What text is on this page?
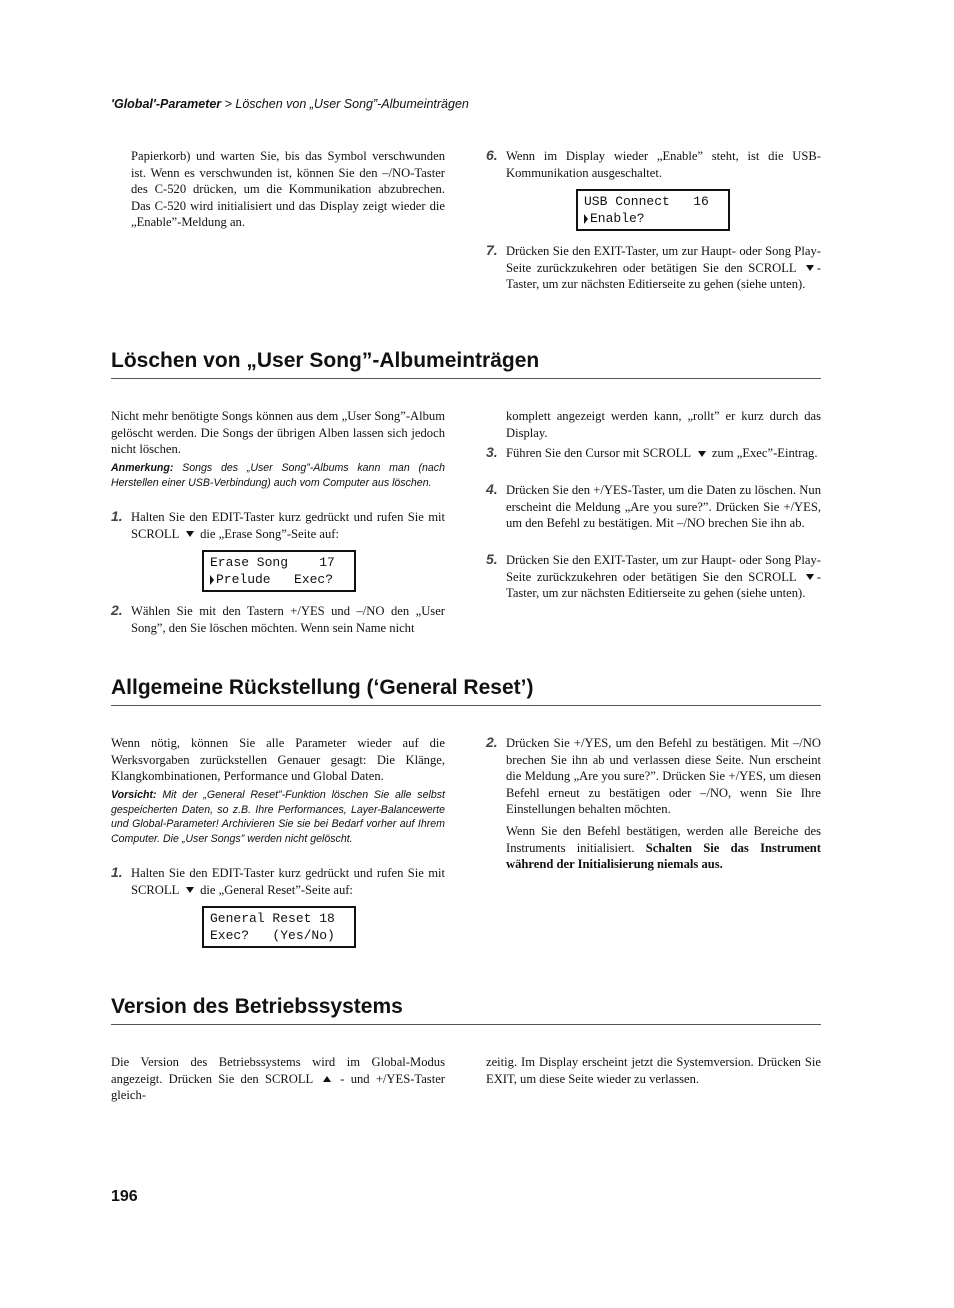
'Global'-Parameter > Löschen von „User Song”-Albumeinträgen

Papierkorb) und warten Sie, bis das Symbol verschwunden ist. Wenn es verschwunden ist, können Sie den –/NO-Taster des C-520 drücken, um die Kommunikation abzubrechen. Das C-520 wird initialisiert und das Display zeigt wieder die „Enable”-Meldung an.

6. Wenn im Display wieder „Enable” steht, ist die USB-Kommunikation ausgeschaltet.

USB Connect   16
Enable?
7. Drücken Sie den EXIT-Taster, um zur Haupt- oder Song Play-Seite zurückzukehren oder betätigen Sie den SCROLL -Taster, um zur nächsten Editierseite zu gehen (siehe unten).

Löschen von „User Song”-Albumeinträgen

Nicht mehr benötigte Songs können aus dem „User Song”-Album gelöscht werden. Die Songs der übrigen Alben lassen sich jedoch nicht löschen.

Anmerkung: Songs des „User Song”-Albums kann man (nach Herstellen einer USB-Verbindung) auch vom Computer aus löschen.

1. Halten Sie den EDIT-Taster kurz gedrückt und rufen Sie mit SCROLL  die „Erase Song”-Seite auf:

Erase Song    17
Prelude   Exec?
2. Wählen Sie mit den Tastern +/YES und –/NO den „User Song”, den Sie löschen möchten. Wenn sein Name nicht

komplett angezeigt werden kann, „rollt” er kurz durch das Display.

3. Führen Sie den Cursor mit SCROLL  zum „Exec”-Eintrag.

4. Drücken Sie den +/YES-Taster, um die Daten zu löschen. Nun erscheint die Meldung „Are you sure?”. Drücken Sie +/YES, um den Befehl zu bestätigen. Mit –/NO brechen Sie ihn ab.

5. Drücken Sie den EXIT-Taster, um zur Haupt- oder Song Play-Seite zurückzukehren oder betätigen Sie den SCROLL -Taster, um zur nächsten Editierseite zu gehen (siehe unten).

Allgemeine Rückstellung (‘General Reset’)

Wenn nötig, können Sie alle Parameter wieder auf die Werksvorgaben zurückstellen Genauer gesagt: Die Klänge, Klangkombinationen, Performance und Global Daten.

Vorsicht: Mit der „General Reset”-Funktion löschen Sie alle selbst gespeicherten Daten, so z.B. Ihre Performances, Layer-Balancewerte und Global-Parameter! Archivieren Sie sie bei Bedarf vorher auf Ihrem Computer. Die „User Songs” werden nicht gelöscht.

1. Halten Sie den EDIT-Taster kurz gedrückt und rufen Sie mit SCROLL  die „General Reset”-Seite auf:

General Reset 18
Exec?   (Yes/No)
2. Drücken Sie +/YES, um den Befehl zu bestätigen. Mit –/NO brechen Sie ihn ab und verlassen diese Seite. Nun erscheint die Meldung „Are you sure?”. Drücken Sie +/YES, um diesen Befehl erneut zu bestätigen oder –/NO, wenn Sie Ihre Einstellungen behalten möchten.

Wenn Sie den Befehl bestätigen, werden alle Bereiche des Instruments initialisiert. Schalten Sie das Instrument während der Initialisierung niemals aus.

Version des Betriebssystems

Die Version des Betriebssystems wird im Global-Modus angezeigt. Drücken Sie den SCROLL  - und +/YES-Taster gleich-

zeitig. Im Display erscheint jetzt die Systemversion. Drücken Sie EXIT, um diese Seite wieder zu verlassen.

196
